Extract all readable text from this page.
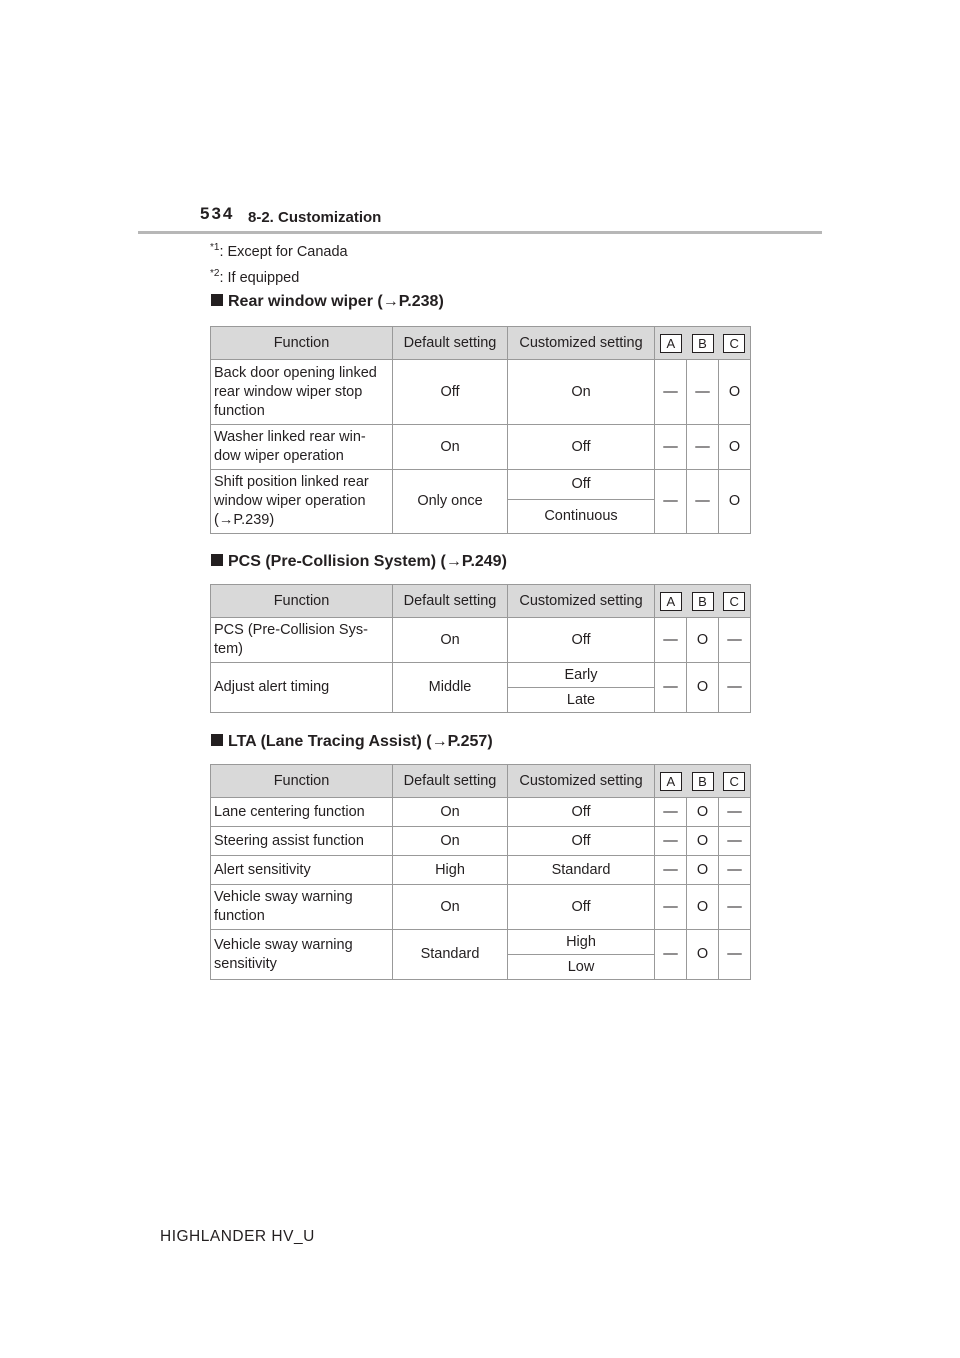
534 8-2. Customization
$^{*1}$: Except for Canada
$^{*2}$: If equipped
Rear window wiper (→P.238)
Function	Default setting	Customized setting	A B C		

Back door opening linked rear window wiper stop function	Off	On	—	—	O
Washer linked rear win-dow wiper operation	On	Off	—	—	O
Shift position linked rear window wiper operation (→P.239)	Only once	Off	—	—	O
		Continuous			
PCS (Pre-Collision System) (→P.249)
Function	Default setting	Customized setting	A B C		

PCS (Pre-Collision Sys-tem)	On	Off	—	O	—
Adjust alert timing	Middle	Early	—	O	—
		Late			
LTA (Lane Tracing Assist) (→P.257)
Function	Default setting	Customized setting	A B C		

Lane centering function	On	Off	—	O	—
Steering assist function	On	Off	—	O	—
Alert sensitivity	High	Standard	—	O	—
Vehicle sway warning function	On	Off	—	O	—
Vehicle sway warning sensitivity	Standard	High	—	O	—
		Low			
HIGHLANDER HV_U
